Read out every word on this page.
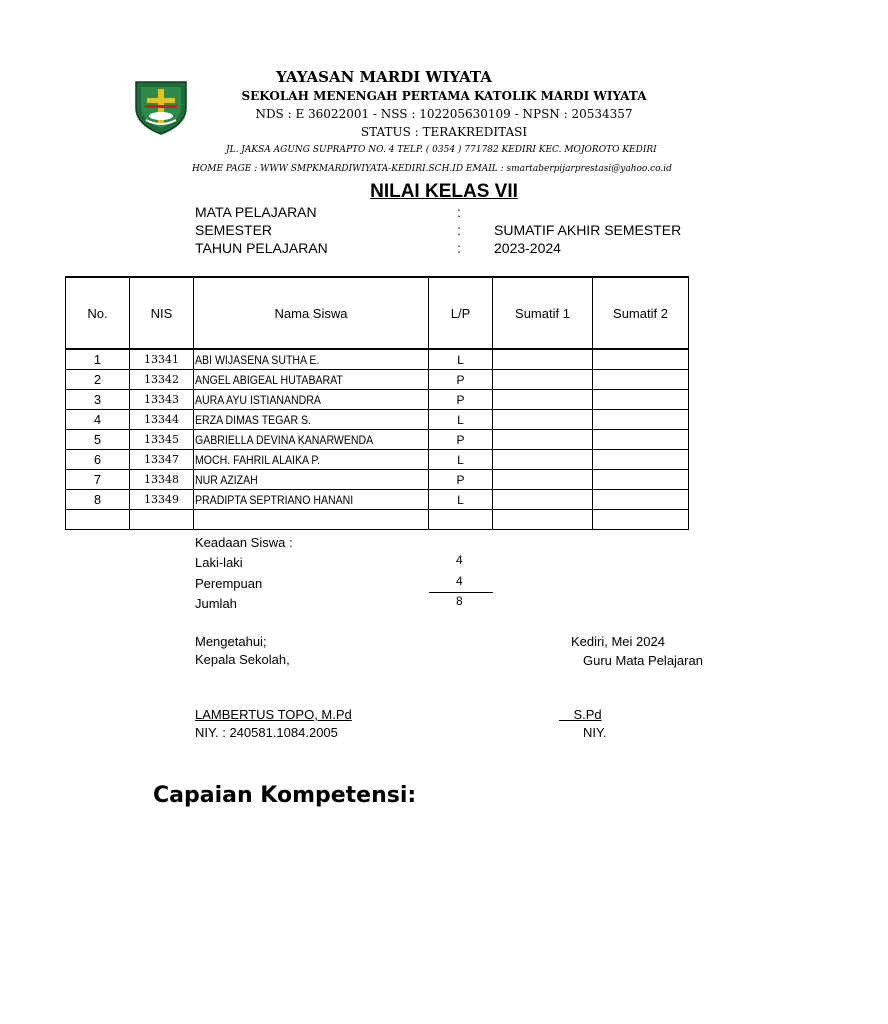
YAYASAN MARDI WIYATA
SEKOLAH MENENGAH PERTAMA KATOLIK MARDI WIYATA
NDS : E 36022001 - NSS : 102205630109 - NPSN : 20534357
STATUS : TERAKREDITASI
JL. JAKSA AGUNG SUPRAPTO NO. 4 TELP. ( 0354 ) 771782 KEDIRI KEC. MOJOROTO KEDIRI
HOME PAGE : WWW SMPKMARDIWIYATA-KEDIRI.SCH.ID EMAIL : smartaberpijarprestasi@yahoo.co.id
NILAI KELAS VII
MATA PELAJARAN	:
SEMESTER	: SUMATIF AKHIR SEMESTER
TAHUN PELAJARAN	: 2023-2024
No.	NIS	Nama Siswa	L/P	Sumatif 1	Sumatif 2
1	13341	ABI WIJASENA SUTHA E.	L		
2	13342	ANGEL ABIGEAL HUTABARAT	P		
3	13343	AURA AYU ISTIANANDRA	P		
4	13344	ERZA DIMAS TEGAR S.	L		
5	13345	GABRIELLA DEVINA KANARWENDA	P		
6	13347	MOCH. FAHRIL ALAIKA P.	L		
7	13348	NUR AZIZAH	P		
8	13349	PRADIPTA SEPTRIANO HANANI	L		

Keadaan Siswa :
Laki-laki	4
Perempuan	4
Jumlah	8
Mengetahui;
Kepala Sekolah,
LAMBERTUS TOPO, M.Pd
NIY. : 240581.1084.2005
Kediri, Mei 2024
Guru Mata Pelajaran
S.Pd
NIY.
Capaian Kompetensi:
